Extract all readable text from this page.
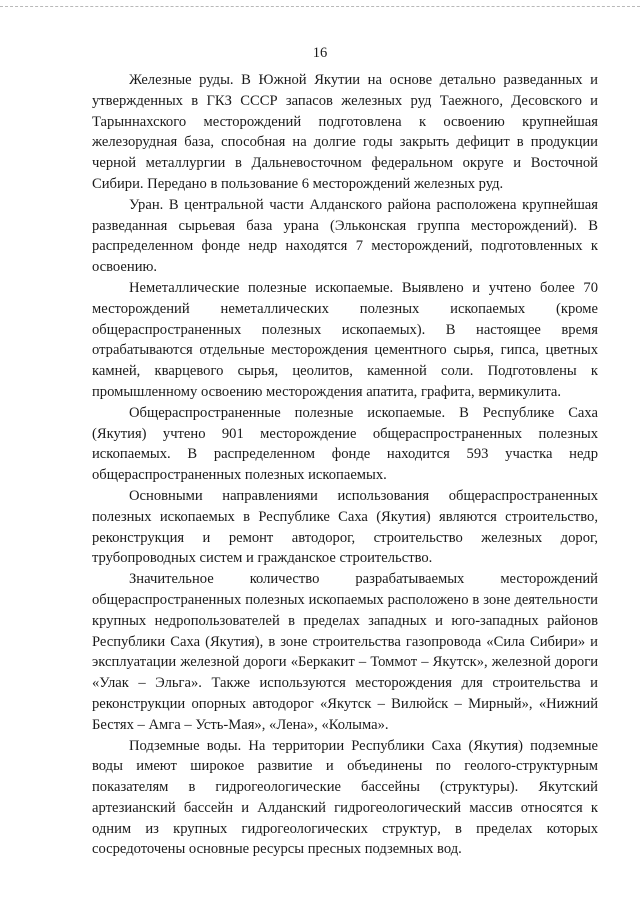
16

Железные руды. В Южной Якутии на основе детально разведанных и утвержденных в ГКЗ СССР запасов железных руд Таежного, Десовского и Тарыннахского месторождений подготовлена к освоению крупнейшая железорудная база, способная на долгие годы закрыть дефицит в продукции черной металлургии в Дальневосточном федеральном округе и Восточной Сибири. Передано в пользование 6 месторождений железных руд.

Уран. В центральной части Алданского района расположена крупнейшая разведанная сырьевая база урана (Эльконская группа месторождений). В распределенном фонде недр находятся 7 месторождений, подготовленных к освоению.

Неметаллические полезные ископаемые. Выявлено и учтено более 70 месторождений неметаллических полезных ископаемых (кроме общераспространенных полезных ископаемых). В настоящее время отрабатываются отдельные месторождения цементного сырья, гипса, цветных камней, кварцевого сырья, цеолитов, каменной соли. Подготовлены к промышленному освоению месторождения апатита, графита, вермикулита.

Общераспространенные полезные ископаемые. В Республике Саха (Якутия) учтено 901 месторождение общераспространенных полезных ископаемых. В распределенном фонде находится 593 участка недр общераспространенных полезных ископаемых.

Основными направлениями использования общераспространенных полезных ископаемых в Республике Саха (Якутия) являются строительство, реконструкция и ремонт автодорог, строительство железных дорог, трубопроводных систем и гражданское строительство.

Значительное количество разрабатываемых месторождений общераспространенных полезных ископаемых расположено в зоне деятельности крупных недропользователей в пределах западных и юго-западных районов Республики Саха (Якутия), в зоне строительства газопровода «Сила Сибири» и эксплуатации железной дороги «Беркакит – Томмот – Якутск», железной дороги «Улак – Эльга». Также используются месторождения для строительства и реконструкции опорных автодорог «Якутск – Вилюйск – Мирный», «Нижний Бестях – Амга – Усть-Мая», «Лена», «Колыма».

Подземные воды. На территории Республики Саха (Якутия) подземные воды имеют широкое развитие и объединены по геолого-структурным показателям в гидрогеологические бассейны (структуры). Якутский артезианский бассейн и Алданский гидрогеологический массив относятся к одним из крупных гидрогеологических структур, в пределах которых сосредоточены основные ресурсы пресных подземных вод.
